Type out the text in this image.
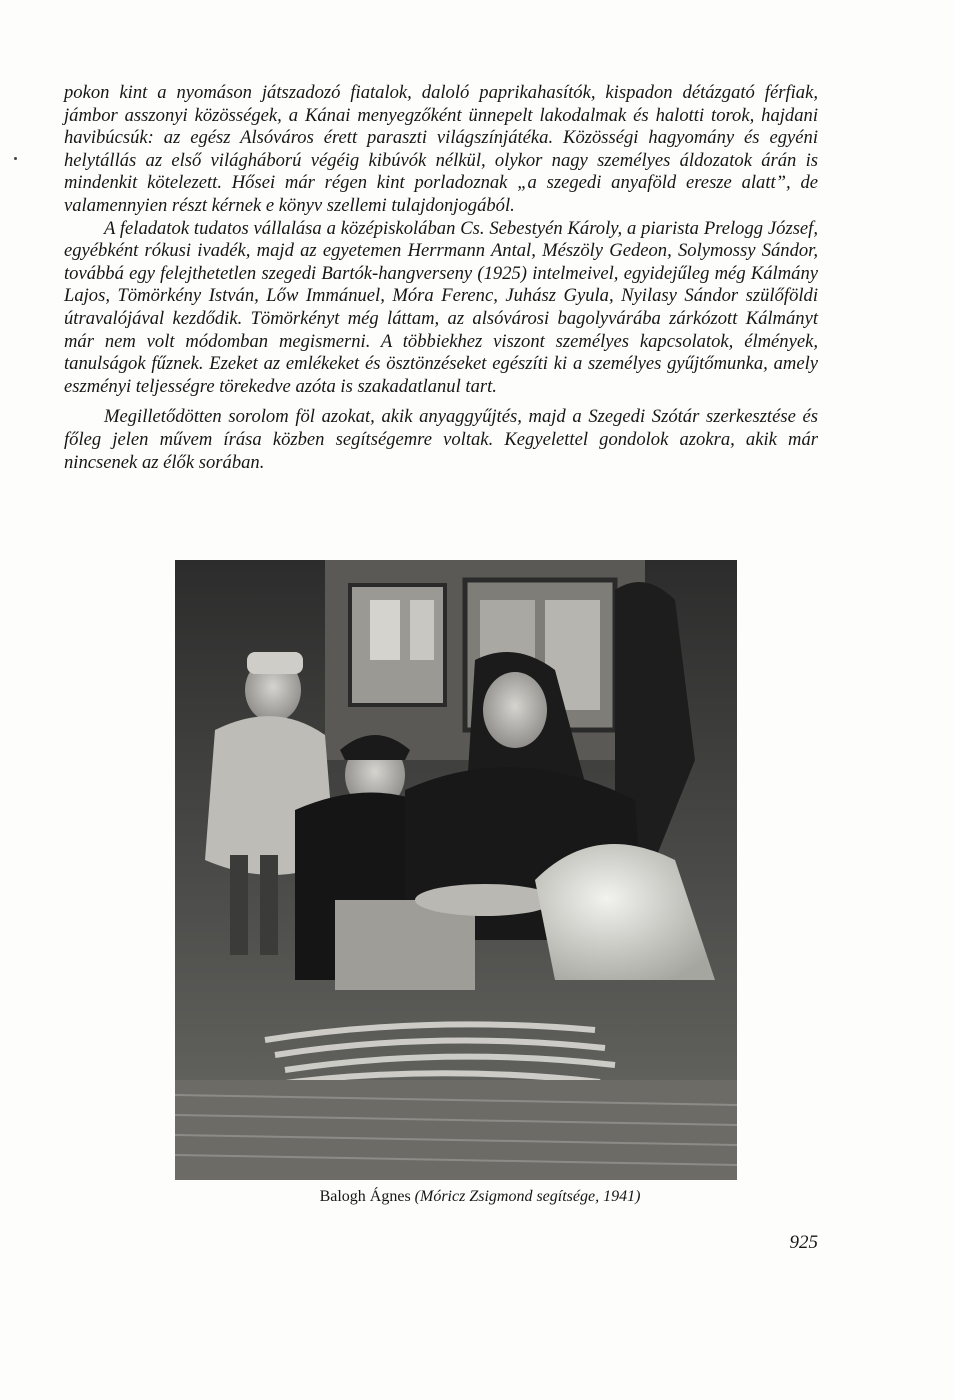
pokon kint a nyomáson játszadozó fiatalok, daloló paprikahasítók, kispadon détázgató férfiak, jámbor asszonyi közösségek, a Kánai menyegzőként ünnepelt lakodalmak és halotti torok, hajdani havibúcsúk: az egész Alsóváros érett paraszti világszínjátéka. Közösségi hagyomány és egyéni helytállás az első világháború végéig kibúvók nélkül, olykor nagy személyes áldozatok árán is mindenkit kötelezett. Hősei már régen kint porladoznak „a szegedi anyaföld eresze alatt”, de valamennyien részt kérnek e könyv szellemi tulajdonjogából.

A feladatok tudatos vállalása a középiskolában Cs. Sebestyén Károly, a piarista Prelogg József, egyébként rókusi ivadék, majd az egyetemen Herrmann Antal, Mészöly Gedeon, Solymossy Sándor, továbbá egy felejthetetlen szegedi Bartók-hangverseny (1925) intelmeivel, egyidejűleg még Kálmány Lajos, Tömörkény István, Lőw Immánuel, Móra Ferenc, Juhász Gyula, Nyilasy Sándor szülőföldi útravalójával kezdődik. Tömörkényt még láttam, az alsóvárosi bagolyvárába zárkózott Kálmányt már nem volt módomban megismerni. A többiekhez viszont személyes kapcsolatok, élmények, tanulságok fűznek. Ezeket az emlékeket és ösztönzéseket egészíti ki a személyes gyűjtőmunka, amely eszményi teljességre törekedve azóta is szakadatlanul tart.

Megilletődötten sorolom föl azokat, akik anyaggyűjtés, majd a Szegedi Szótár szerkesztése és főleg jelen művem írása közben segítségemre voltak. Kegyelettel gondolok azokra, akik már nincsenek az élők sorában.

Balogh Ágnes (Móricz Zsigmond segítsége, 1941)
925
